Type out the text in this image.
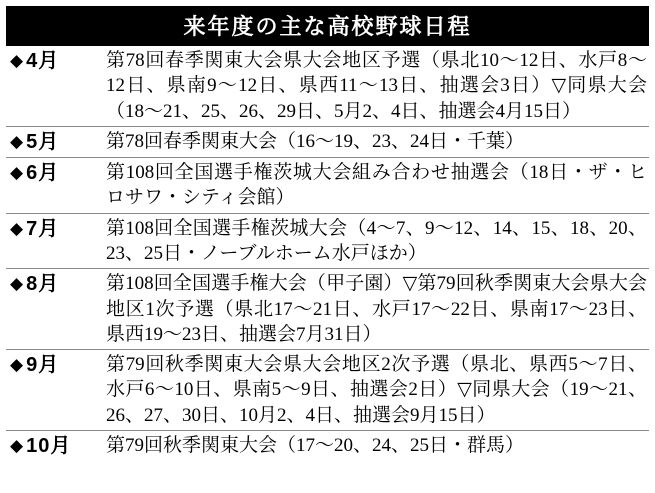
来年度の主な高校野球日程
◆ 4月	第78回春季関東大会県大会地区予選（県北10〜12日、水戸8〜12日、県南9〜12日、県西11〜13日、抽選会3日）▽同県大会（18〜21、25、26、29日、5月2、4日、抽選会4月15日）
◆ 5月	第78回春季関東大会（16〜19、23、24日・千葉）
◆ 6月	第108回全国選手権茨城大会組み合わせ抽選会（18日・ザ・ヒロサワ・シティ会館）
◆ 7月	第108回全国選手権茨城大会（4〜7、9〜12、14、15、18、20、23、25日・ノーブルホーム水戸ほか）
◆ 8月	第108回全国選手権大会（甲子園）▽第79回秋季関東大会県大会地区1次予選（県北17〜21日、水戸17〜22日、県南17〜23日、県西19〜23日、抽選会7月31日）
◆ 9月	第79回秋季関東大会県大会地区2次予選（県北、県西5〜7日、水戸6〜10日、県南5〜9日、抽選会2日）▽同県大会（19〜21、26、27、30日、10月2、4日、抽選会9月15日）
◆ 10月	第79回秋季関東大会（17〜20、24、25日・群馬）
